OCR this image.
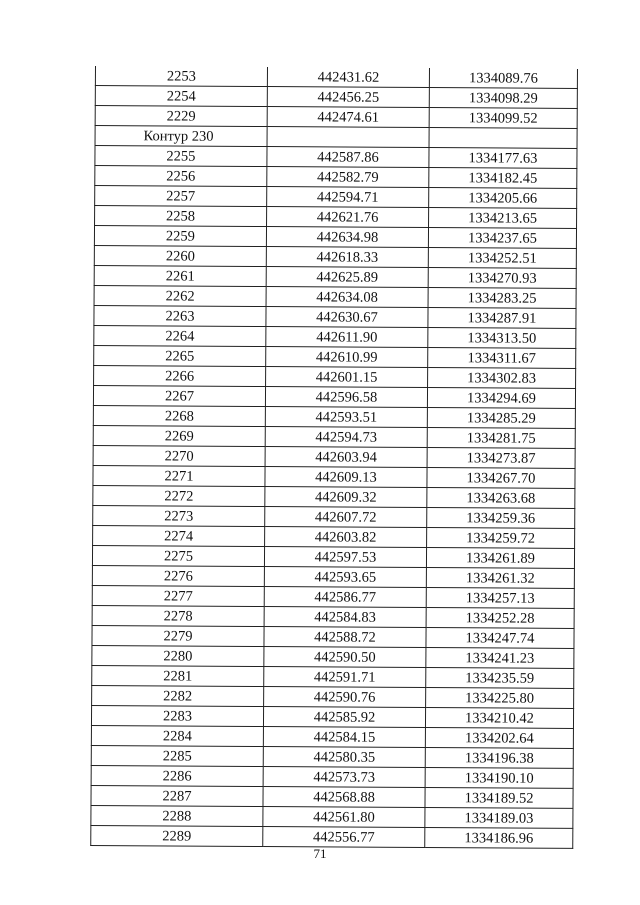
2253	442431.62	1334089.76
2254	442456.25	1334098.29
2229	442474.61	1334099.52
Контур 230		
2255	442587.86	1334177.63
2256	442582.79	1334182.45
2257	442594.71	1334205.66
2258	442621.76	1334213.65
2259	442634.98	1334237.65
2260	442618.33	1334252.51
2261	442625.89	1334270.93
2262	442634.08	1334283.25
2263	442630.67	1334287.91
2264	442611.90	1334313.50
2265	442610.99	1334311.67
2266	442601.15	1334302.83
2267	442596.58	1334294.69
2268	442593.51	1334285.29
2269	442594.73	1334281.75
2270	442603.94	1334273.87
2271	442609.13	1334267.70
2272	442609.32	1334263.68
2273	442607.72	1334259.36
2274	442603.82	1334259.72
2275	442597.53	1334261.89
2276	442593.65	1334261.32
2277	442586.77	1334257.13
2278	442584.83	1334252.28
2279	442588.72	1334247.74
2280	442590.50	1334241.23
2281	442591.71	1334235.59
2282	442590.76	1334225.80
2283	442585.92	1334210.42
2284	442584.15	1334202.64
2285	442580.35	1334196.38
2286	442573.73	1334190.10
2287	442568.88	1334189.52
2288	442561.80	1334189.03
2289	442556.77	1334186.96
71
